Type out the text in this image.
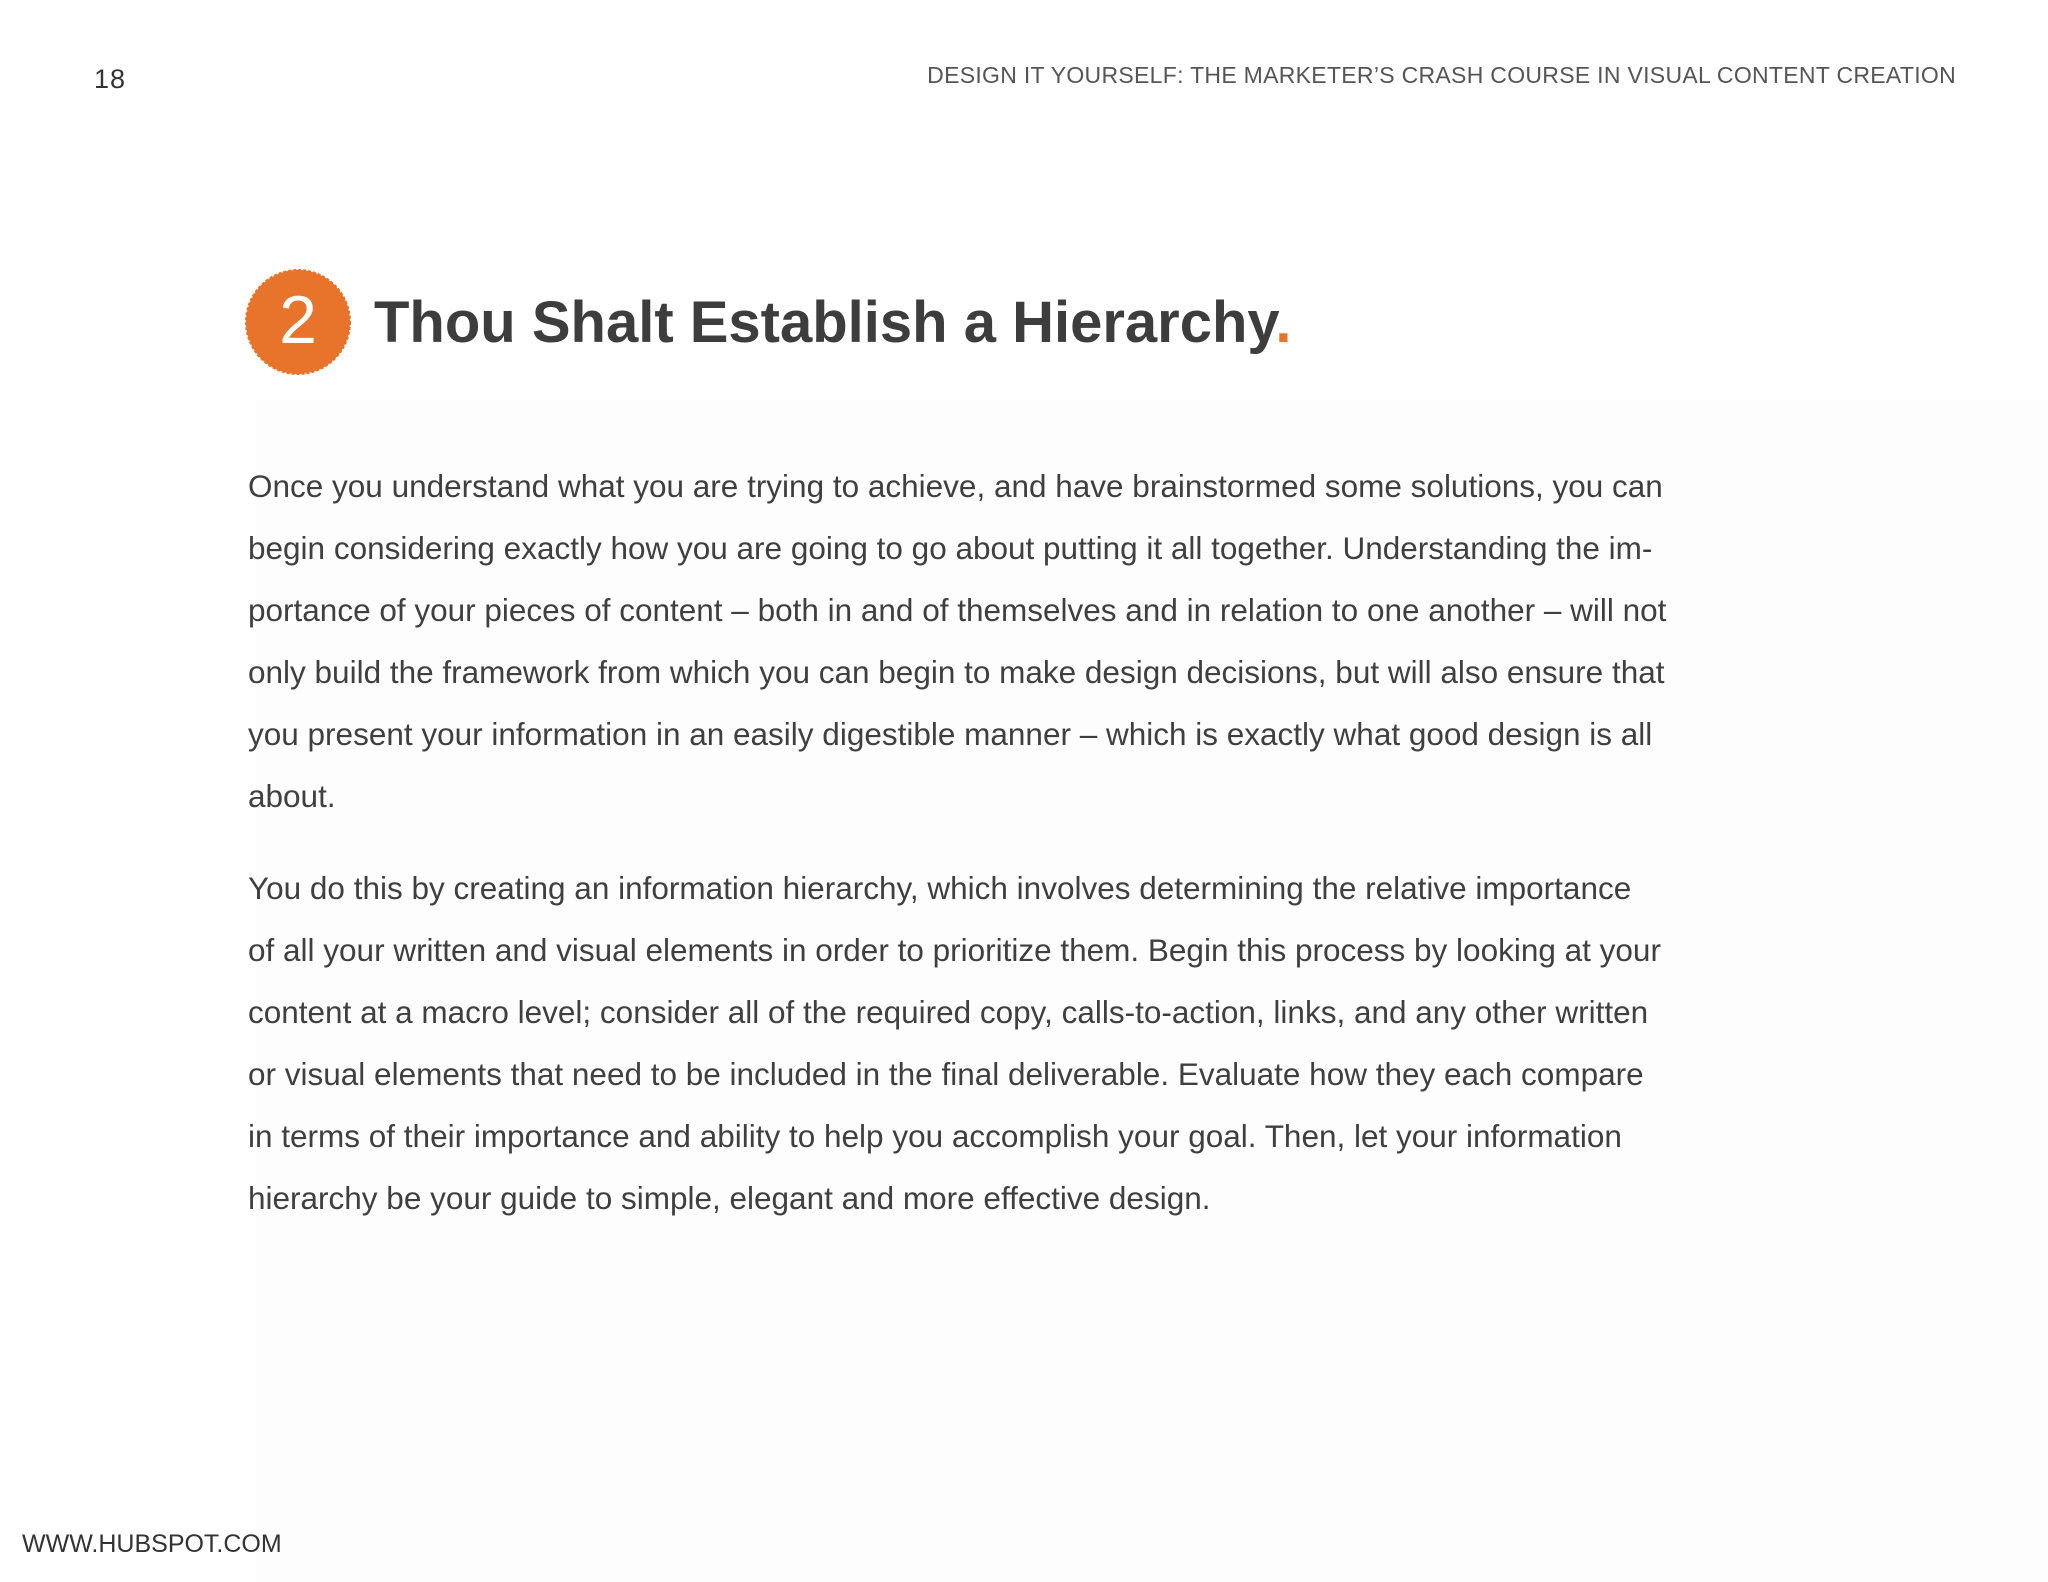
18	DESIGN IT YOURSELF: THE MARKETER’S CRASH COURSE IN VISUAL CONTENT CREATION
2 Thou Shalt Establish a Hierarchy.

Once you understand what you are trying to achieve, and have brainstormed some solutions, you can
begin considering exactly how you are going to go about putting it all together. Understanding the im-
portance of your pieces of content – both in and of themselves and in relation to one another – will not
only build the framework from which you can begin to make design decisions, but will also ensure that
you present your information in an easily digestible manner – which is exactly what good design is all
about.

You do this by creating an information hierarchy, which involves determining the relative importance
of all your written and visual elements in order to prioritize them. Begin this process by looking at your
content at a macro level; consider all of the required copy, calls-to-action, links, and any other written
or visual elements that need to be included in the final deliverable. Evaluate how they each compare
in terms of their importance and ability to help you accomplish your goal. Then, let your information
hierarchy be your guide to simple, elegant and more effective design.

WWW.HUBSPOT.COM
